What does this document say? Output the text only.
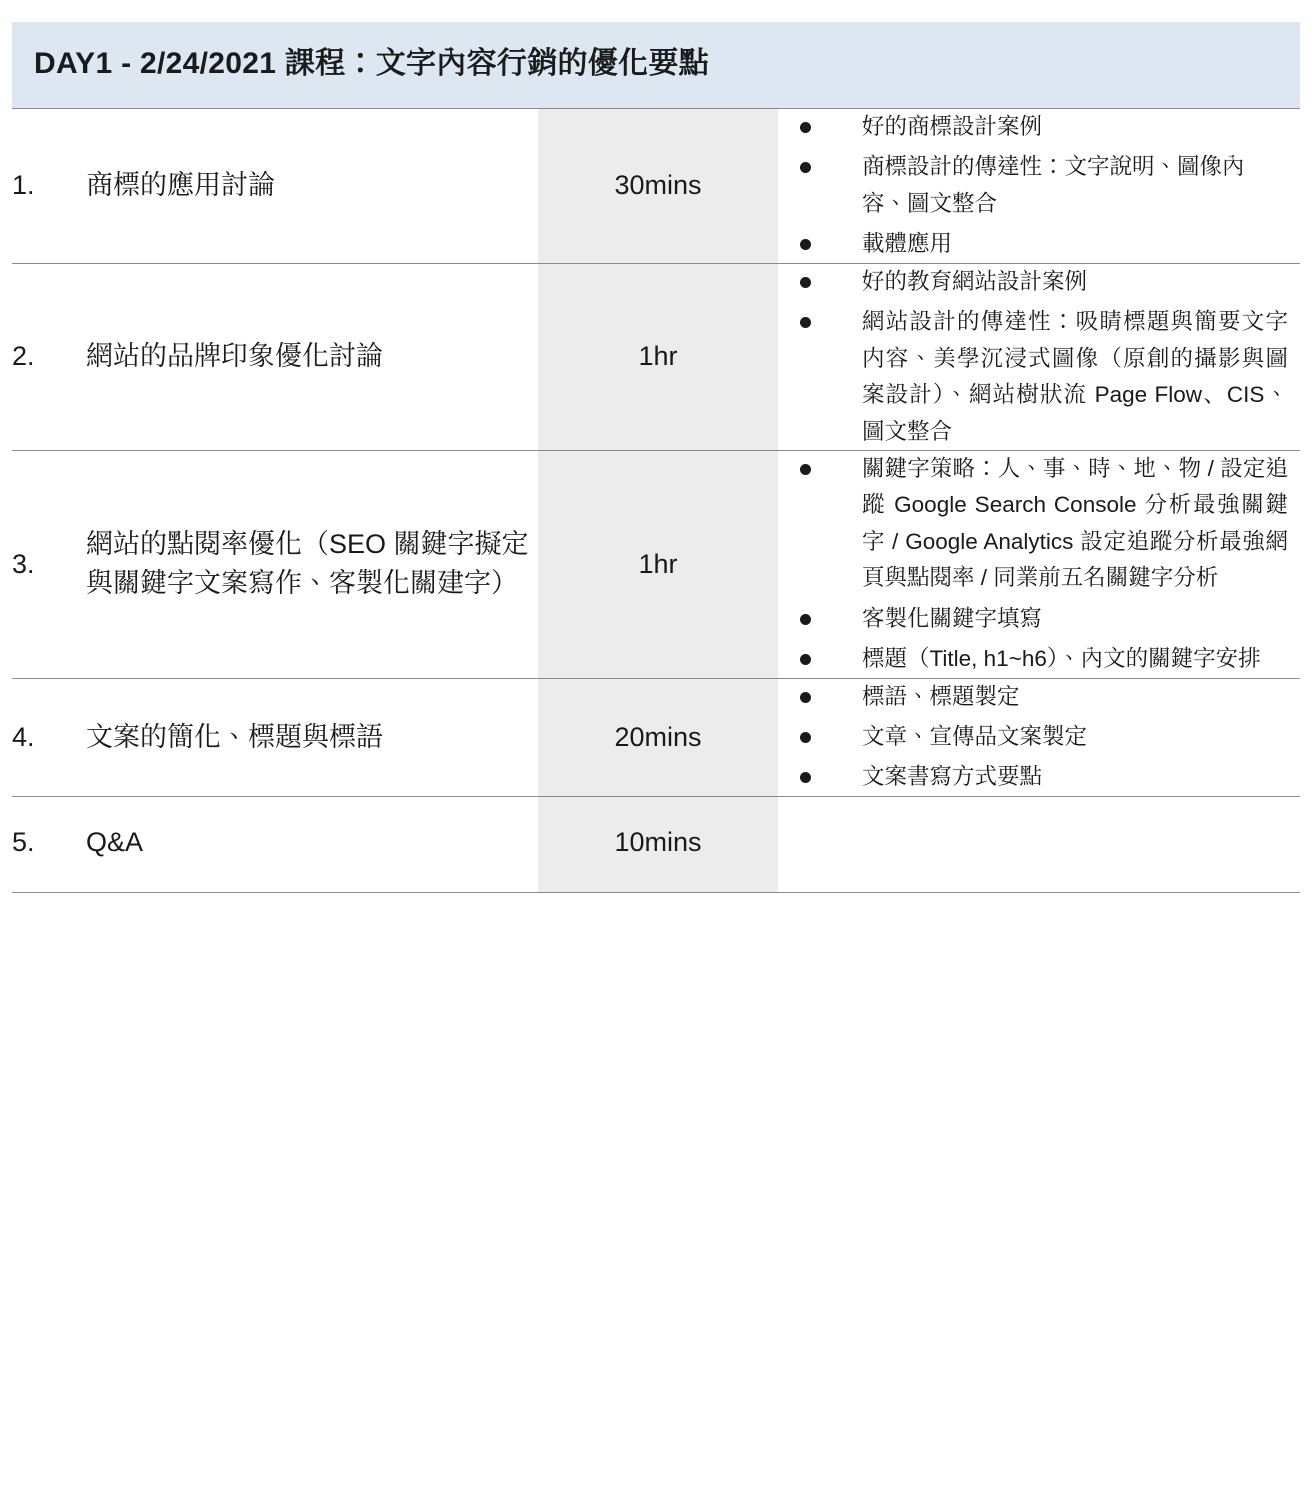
DAY1 - 2/24/2021 課程：文字內容行銷的優化要點
1.	商標的應用討論	30mins	
好的商標設計案例
商標設計的傳達性：文字說明、圖像內容、圖文整合
載體應用

2.	網站的品牌印象優化討論	1hr	
好的教育網站設計案例
網站設計的傳達性：吸睛標題與簡要文字内容、美學沉浸式圖像（原創的攝影與圖案設計）、網站樹狀流 Page Flow、CIS、圖文整合

3.	網站的點閱率優化（SEO 關鍵字擬定與關鍵字文案寫作、客製化關建字）	1hr	
關鍵字策略：人、事、時、地、物 / 設定追蹤 Google Search Console 分析最強關鍵字 / Google Analytics 設定追蹤分析最強網頁與點閱率 / 同業前五名關鍵字分析
客製化關鍵字填寫
標題（Title, h1~h6）、內文的關鍵字安排

4.	文案的簡化、標題與標語	20mins	
標語、標題製定
文章、宣傳品文案製定
文案書寫方式要點

5.	Q&A	10mins	
